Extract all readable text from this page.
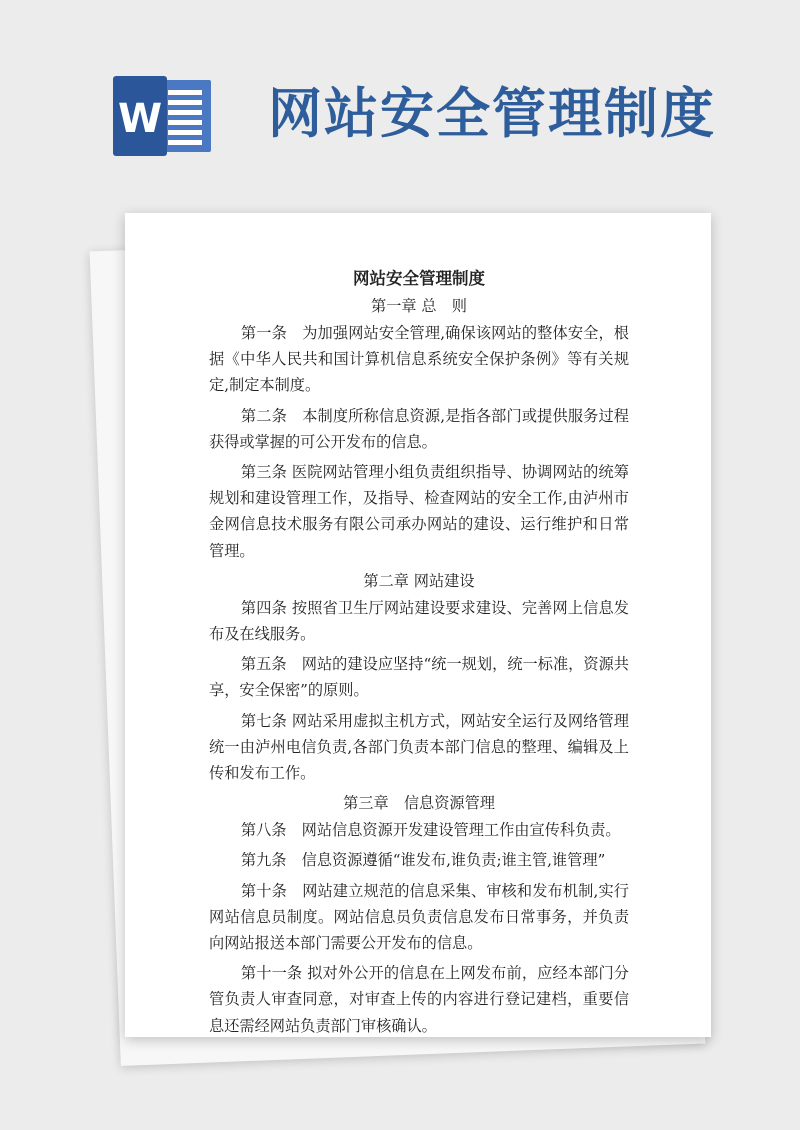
W 网站安全管理制度

网站安全管理制度

第一章 总　则

第一条　为加强网站安全管理,确保该网站的整体安全，根据《中华人民共和国计算机信息系统安全保护条例》等有关规定,制定本制度。

第二条　本制度所称信息资源,是指各部门或提供服务过程获得或掌握的可公开发布的信息。

第三条 医院网站管理小组负责组织指导、协调网站的统筹规划和建设管理工作，及指导、检查网站的安全工作,由泸州市金网信息技术服务有限公司承办网站的建设、运行维护和日常管理。

第二章 网站建设

第四条 按照省卫生厅网站建设要求建设、完善网上信息发布及在线服务。

第五条　网站的建设应坚持“统一规划，统一标准，资源共享，安全保密”的原则。

第七条 网站采用虚拟主机方式，网站安全运行及网络管理统一由泸州电信负责,各部门负责本部门信息的整理、编辑及上传和发布工作。

第三章　信息资源管理

第八条　网站信息资源开发建设管理工作由宣传科负责。

第九条　信息资源遵循“谁发布,谁负责;谁主管,谁管理”

第十条　网站建立规范的信息采集、审核和发布机制,实行网站信息员制度。网站信息员负责信息发布日常事务，并负责向网站报送本部门需要公开发布的信息。

第十一条 拟对外公开的信息在上网发布前，应经本部门分管负责人审查同意，对审查上传的内容进行登记建档，重要信息还需经网站负责部门审核确认。
